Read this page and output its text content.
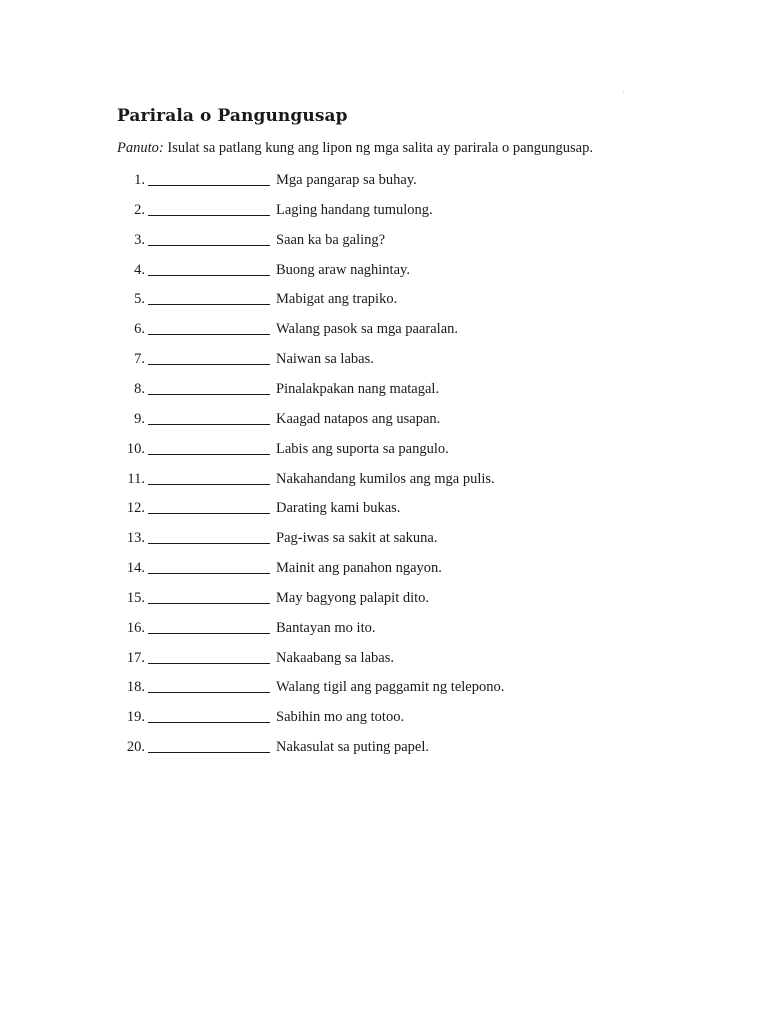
Parirala o Pangungusap
Panuto: Isulat sa patlang kung ang lipon ng mga salita ay parirala o pangungusap.
1.	Mga pangarap sa buhay.
2.	Laging handang tumulong.
3.	Saan ka ba galing?
4.	Buong araw naghintay.
5.	Mabigat ang trapiko.
6.	Walang pasok sa mga paaralan.
7.	Naiwan sa labas.
8.	Pinalakpakan nang matagal.
9.	Kaagad natapos ang usapan.
10.	Labis ang suporta sa pangulo.
11.	Nakahandang kumilos ang mga pulis.
12.	Darating kami bukas.
13.	Pag-iwas sa sakit at sakuna.
14.	Mainit ang panahon ngayon.
15.	May bagyong palapit dito.
16.	Bantayan mo ito.
17.	Nakaabang sa labas.
18.	Walang tigil ang paggamit ng telepono.
19.	Sabihin mo ang totoo.
20.	Nakasulat sa puting papel.
